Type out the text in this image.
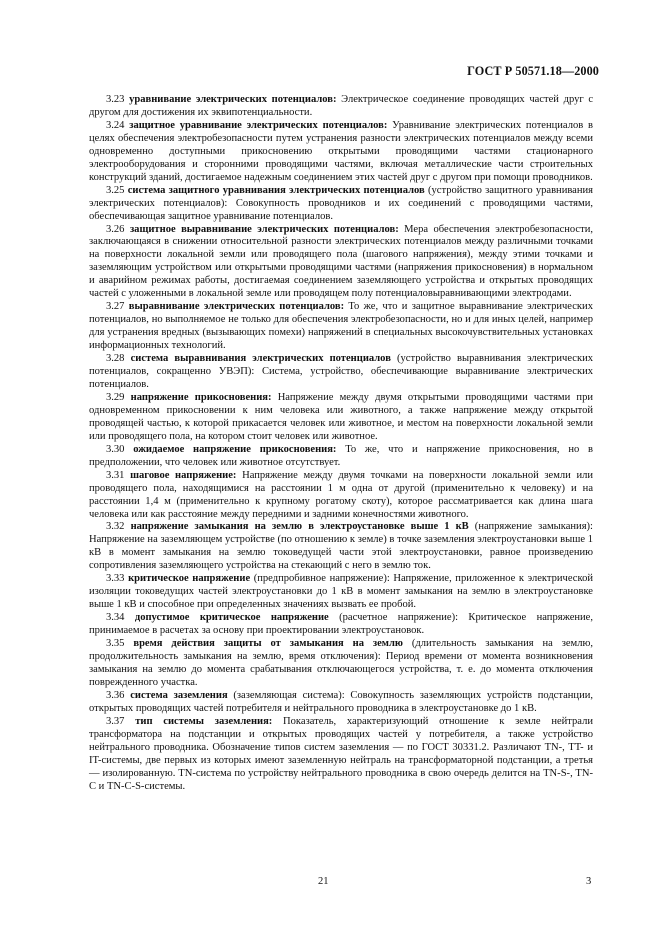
ГОСТ Р 50571.18—2000

3.23 уравнивание электрических потенциалов: Электрическое соединение проводящих частей друг с другом для достижения их эквипотенциальности.

3.24 защитное уравнивание электрических потенциалов: Уравнивание электрических потенциалов в целях обеспечения электробезопасности путем устранения разности электрических потенциалов между всеми одновременно доступными прикосновению открытыми проводящими частями стационарного электрооборудования и сторонними проводящими частями, включая металлические части строительных конструкций зданий, достигаемое надежным соединением этих частей друг с другом при помощи проводников.

3.25 система защитного уравнивания электрических потенциалов (устройство защитного уравнивания электрических потенциалов): Совокупность проводников и их соединений с проводящими частями, обеспечивающая защитное уравнивание потенциалов.

3.26 защитное выравнивание электрических потенциалов: Мера обеспечения электробезопасности, заключающаяся в снижении относительной разности электрических потенциалов между различными точками на поверхности локальной земли или проводящего пола (шагового напряжения), между этими точками и заземляющим устройством или открытыми проводящими частями (напряжения прикосновения) в нормальном и аварийном режимах работы, достигаемая соединением заземляющего устройства и открытых проводящих частей с уложенными в локальной земле или проводящем полу потенциаловыравнивающими электродами.

3.27 выравнивание электрических потенциалов: То же, что и защитное выравнивание электрических потенциалов, но выполняемое не только для обеспечения электробезопасности, но и для иных целей, например для устранения вредных (вызывающих помехи) напряжений в специальных высокочувствительных установках информационных технологий.

3.28 система выравнивания электрических потенциалов (устройство выравнивания электрических потенциалов, сокращенно УВЭП): Система, устройство, обеспечивающие выравнивание электрических потенциалов.

3.29 напряжение прикосновения: Напряжение между двумя открытыми проводящими частями при одновременном прикосновении к ним человека или животного, а также напряжение между открытой проводящей частью, к которой прикасается человек или животное, и местом на поверхности локальной земли или проводящего пола, на котором стоит человек или животное.

3.30 ожидаемое напряжение прикосновения: То же, что и напряжение прикосновения, но в предположении, что человек или животное отсутствует.

3.31 шаговое напряжение: Напряжение между двумя точками на поверхности локальной земли или проводящего пола, находящимися на расстоянии 1 м одна от другой (применительно к человеку) и на расстоянии 1,4 м (применительно к крупному рогатому скоту), которое рассматривается как длина шага человека или как расстояние между передними и задними конечностями животного.

3.32 напряжение замыкания на землю в электроустановке выше 1 кВ (напряжение замыкания): Напряжение на заземляющем устройстве (по отношению к земле) в точке заземления электроустановки выше 1 кВ в момент замыкания на землю токоведущей части этой электроустановки, равное произведению сопротивления заземляющего устройства на стекающий с него в землю ток.

3.33 критическое напряжение (предпробивное напряжение): Напряжение, приложенное к электрической изоляции токоведущих частей электроустановки до 1 кВ в момент замыкания на землю в электроустановке выше 1 кВ и способное при определенных значениях вызвать ее пробой.

3.34 допустимое критическое напряжение (расчетное напряжение): Критическое напряжение, принимаемое в расчетах за основу при проектировании электроустановок.

3.35 время действия защиты от замыкания на землю (длительность замыкания на землю, продолжительность замыкания на землю, время отключения): Период времени от момента возникновения замыкания на землю до момента срабатывания отключающегося устройства, т. е. до момента отключения поврежденного участка.

3.36 система заземления (заземляющая система): Совокупность заземляющих устройств подстанции, открытых проводящих частей потребителя и нейтрального проводника в электроустановке до 1 кВ.

3.37 тип системы заземления: Показатель, характеризующий отношение к земле нейтрали трансформатора на подстанции и открытых проводящих частей у потребителя, а также устройство нейтрального проводника. Обозначение типов систем заземления — по ГОСТ 30331.2. Различают TN-, TT- и IT-системы, две первых из которых имеют заземленную нейтраль на трансформаторной подстанции, а третья — изолированную. TN-система по устройству нейтрального проводника в свою очередь делится на TN-S-, TN-C и TN-C-S-системы.

21	3
